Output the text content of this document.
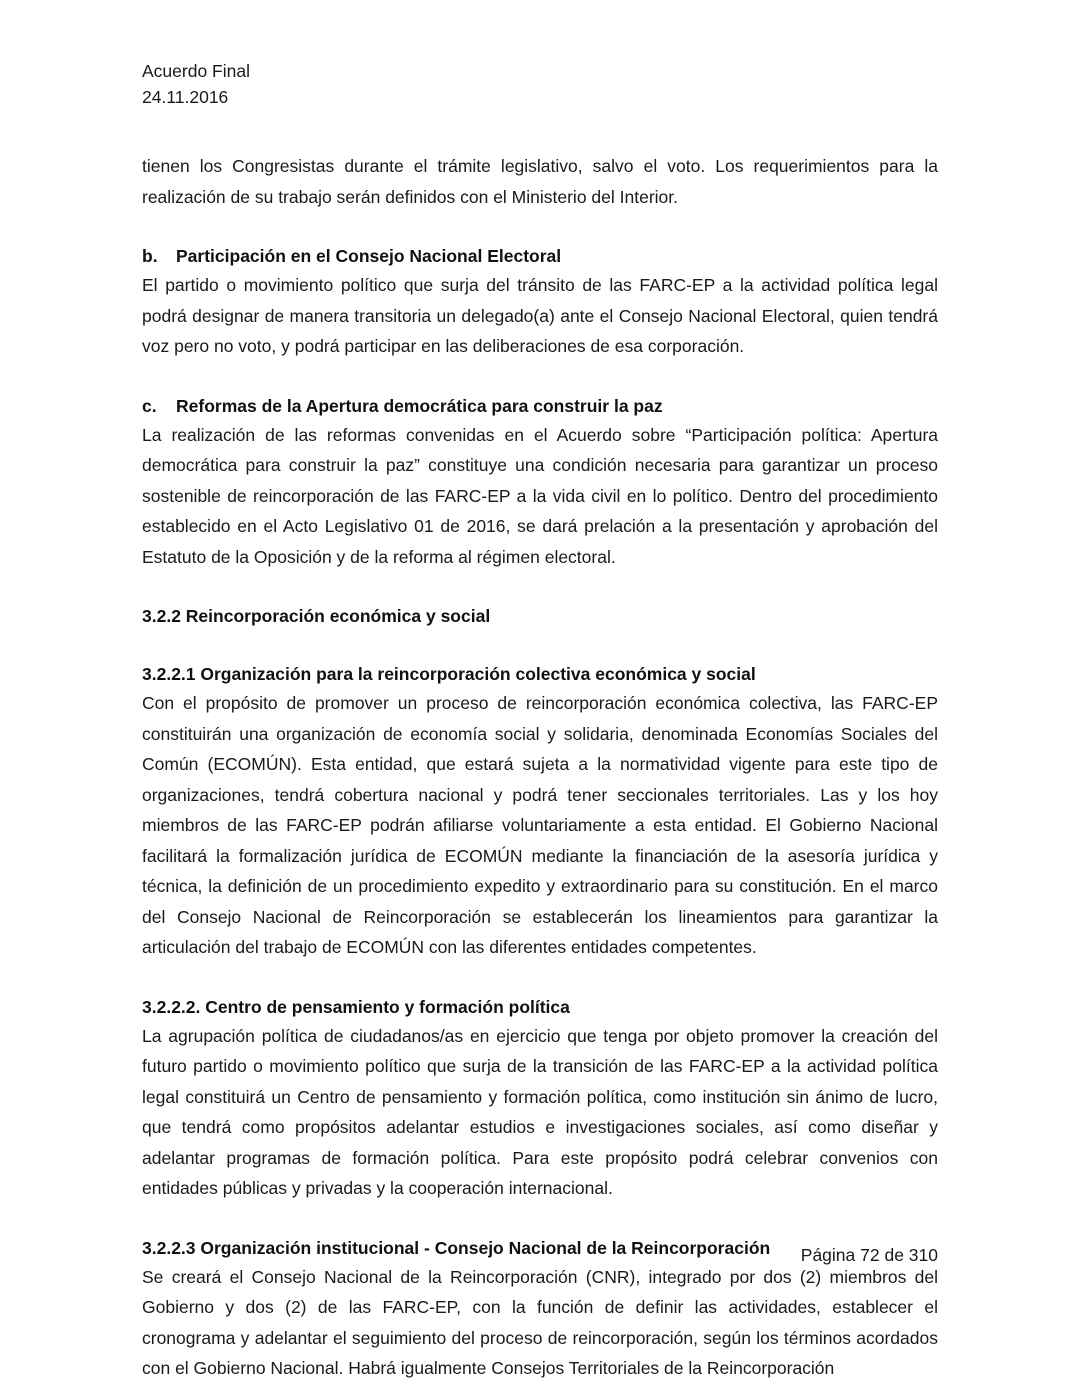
Acuerdo Final
24.11.2016

tienen los Congresistas durante el trámite legislativo, salvo el voto. Los requerimientos para la realización de su trabajo serán definidos con el Ministerio del Interior.

b.	Participación en el Consejo Nacional Electoral

El partido o movimiento político que surja del tránsito de las FARC-EP a la actividad política legal podrá designar de manera transitoria un delegado(a) ante el Consejo Nacional Electoral, quien tendrá voz pero no voto, y podrá participar en las deliberaciones de esa corporación.

c.	Reformas de la Apertura democrática para construir la paz

La realización de las reformas convenidas en el Acuerdo sobre “Participación política: Apertura democrática para construir la paz” constituye una condición necesaria para garantizar un proceso sostenible de reincorporación de las FARC-EP a la vida civil en lo político. Dentro del procedimiento establecido en el Acto Legislativo 01 de 2016, se dará prelación a la presentación y aprobación del Estatuto de la Oposición y de la reforma al régimen electoral.

3.2.2 Reincorporación económica y social
3.2.2.1 Organización para la reincorporación colectiva económica y social

Con el propósito de promover un proceso de reincorporación económica colectiva, las FARC-EP constituirán una organización de economía social y solidaria, denominada Economías Sociales del Común (ECOMÚN). Esta entidad, que estará sujeta a la normatividad vigente para este tipo de organizaciones, tendrá cobertura nacional y podrá tener seccionales territoriales. Las y los hoy miembros de las FARC-EP podrán afiliarse voluntariamente a esta entidad. El Gobierno Nacional facilitará la formalización jurídica de ECOMÚN mediante la financiación de la asesoría jurídica y técnica, la definición de un procedimiento expedito y extraordinario para su constitución. En el marco del Consejo Nacional de Reincorporación se establecerán los lineamientos para garantizar la articulación del trabajo de ECOMÚN con las diferentes entidades competentes.

3.2.2.2. Centro de pensamiento y formación política

La agrupación política de ciudadanos/as en ejercicio que tenga por objeto promover la creación del futuro partido o movimiento político que surja de la transición de las FARC-EP a la actividad política legal constituirá un Centro de pensamiento y formación política, como institución sin ánimo de lucro, que tendrá como propósitos adelantar estudios e investigaciones sociales, así como diseñar y adelantar programas de formación política. Para este propósito podrá celebrar convenios con entidades públicas y privadas y la cooperación internacional.

3.2.2.3 Organización institucional - Consejo Nacional de la Reincorporación

Se creará el Consejo Nacional de la Reincorporación (CNR), integrado por dos (2) miembros del Gobierno y dos (2) de las FARC-EP, con la función de definir las actividades, establecer el cronograma y adelantar el seguimiento del proceso de reincorporación, según los términos acordados con el Gobierno Nacional. Habrá igualmente Consejos Territoriales de la Reincorporación

Página 72 de 310
